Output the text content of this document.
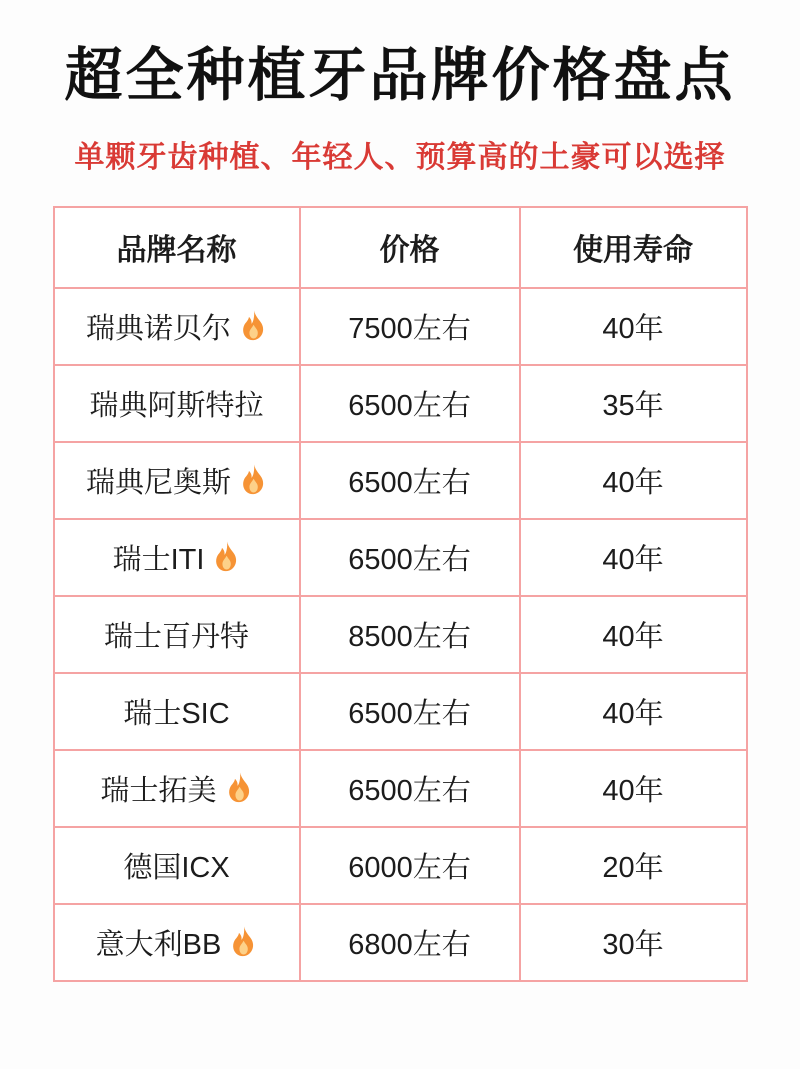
超全种植牙品牌价格盘点

单颗牙齿种植、年轻人、预算高的土豪可以选择

品牌名称	价格	使用寿命

瑞典诺贝尔	7500左右	40年

瑞典阿斯特拉	6500左右	35年

瑞典尼奥斯	6500左右	40年

瑞士ITI	6500左右	40年

瑞士百丹特	8500左右	40年

瑞士SIC	6500左右	40年

瑞士拓美	6500左右	40年

德国ICX	6000左右	20年

意大利BB	6800左右	30年
